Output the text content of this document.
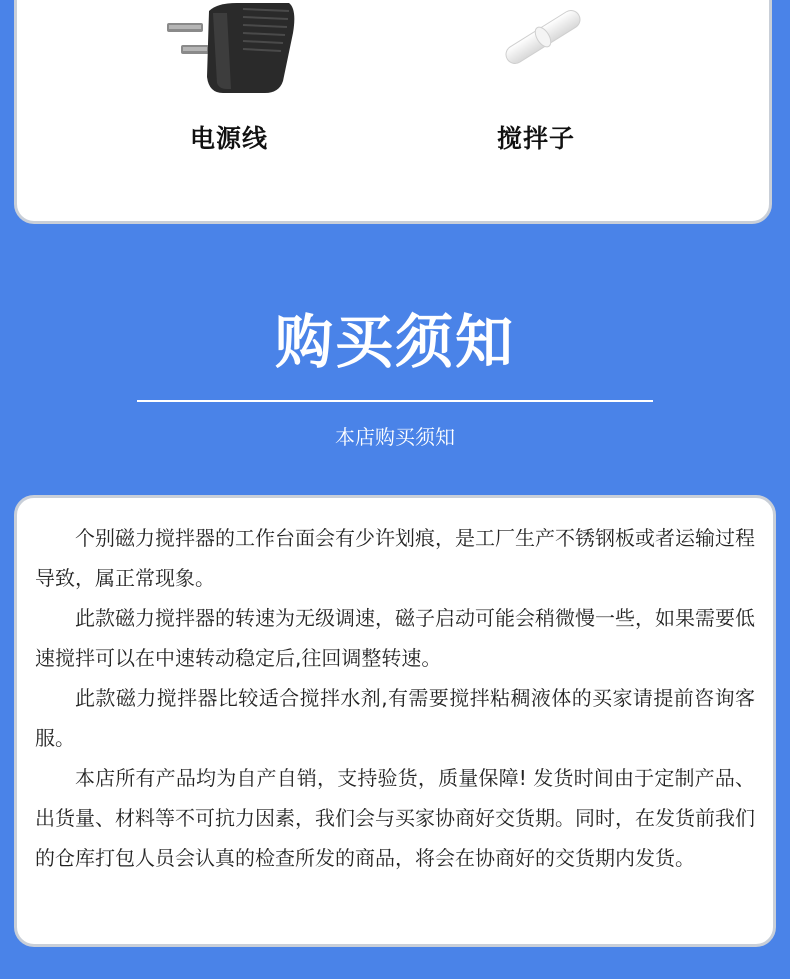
电源线	搅拌子
购买须知
本店购买须知

个别磁力搅拌器的工作台面会有少许划痕，是工厂生产不锈钢板或者运输过程导致，属正常现象。

此款磁力搅拌器的转速为无级调速，磁子启动可能会稍微慢一些，如果需要低速搅拌可以在中速转动稳定后,往回调整转速。

此款磁力搅拌器比较适合搅拌水剂,有需要搅拌粘稠液体的买家请提前咨询客服。

本店所有产品均为自产自销，支持验货，质量保障! 发货时间由于定制产品、出货量、材料等不可抗力因素，我们会与买家协商好交货期。同时，在发货前我们的仓库打包人员会认真的检查所发的商品，将会在协商好的交货期内发货。
